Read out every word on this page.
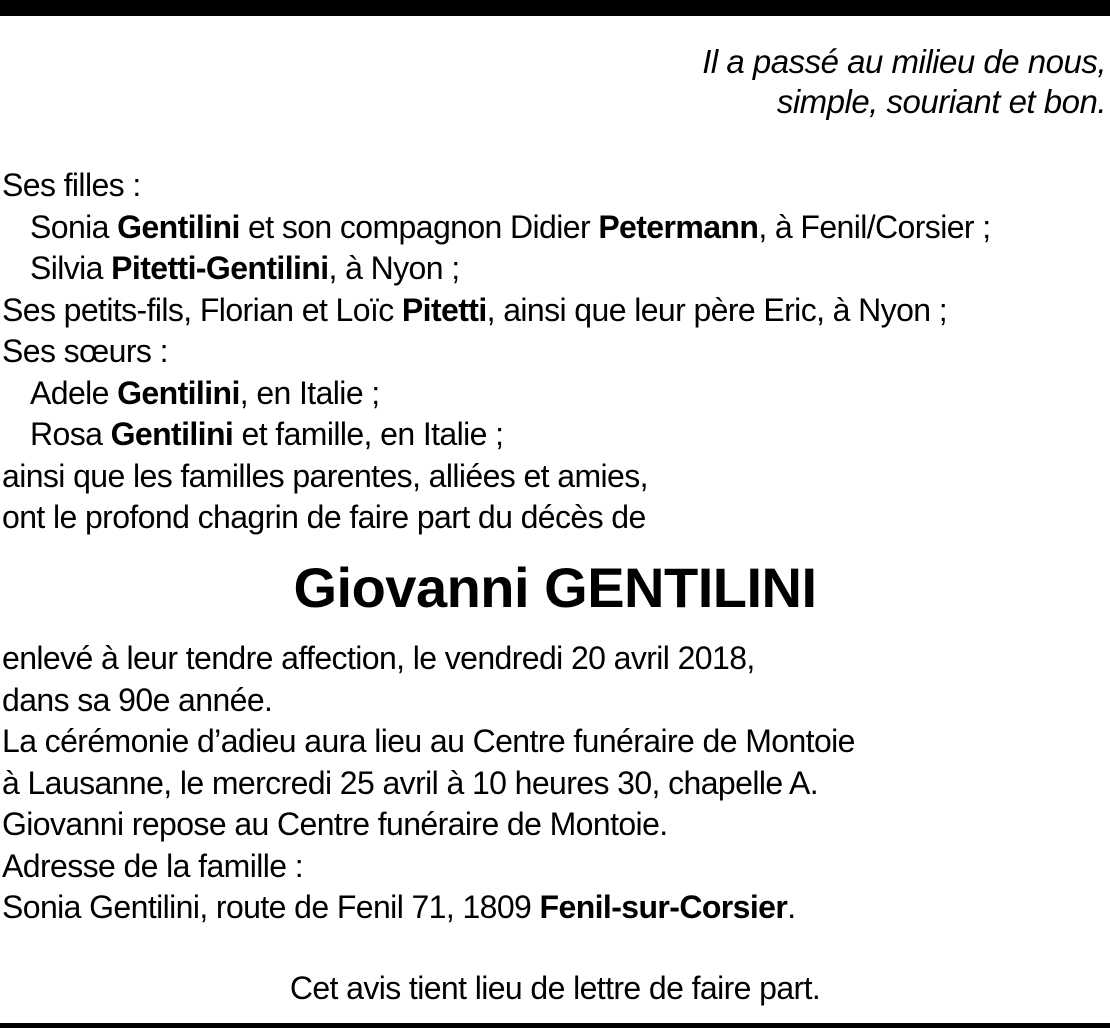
Il a passé au milieu de nous,
simple, souriant et bon.
Ses filles :
Sonia Gentilini et son compagnon Didier Petermann, à Fenil/Corsier ;
Silvia Pitetti-Gentilini, à Nyon ;
Ses petits-fils, Florian et Loïc Pitetti, ainsi que leur père Eric, à Nyon ;
Ses sœurs :
Adele Gentilini, en Italie ;
Rosa Gentilini et famille, en Italie ;
ainsi que les familles parentes, alliées et amies,
ont le profond chagrin de faire part du décès de
Giovanni GENTILINI
enlevé à leur tendre affection, le vendredi 20 avril 2018,
dans sa 90e année.
La cérémonie d’adieu aura lieu au Centre funéraire de Montoie
à Lausanne, le mercredi 25 avril à 10 heures 30, chapelle A.
Giovanni repose au Centre funéraire de Montoie.
Adresse de la famille :
Sonia Gentilini, route de Fenil 71, 1809 Fenil-sur-Corsier.
Cet avis tient lieu de lettre de faire part.
